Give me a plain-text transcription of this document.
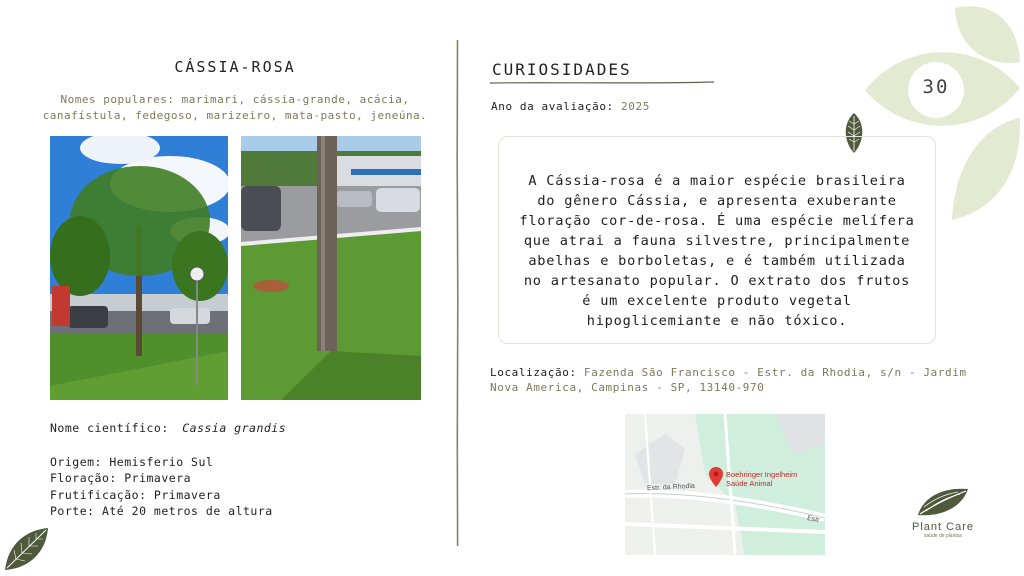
30
CÁSSIA-ROSA
Nomes populares: marimari, cássia-grande, acácia, canafístula, fedegoso, marizeiro, mata-pasto, jeneúna.
Nome científico: Cassia grandis
Origem: Hemisferio Sul
Floração: Primavera
Frutificação: Primavera
Porte: Até 20 metros de altura
CURIOSIDADES
Ano da avaliação: 2025
A Cássia-rosa é a maior espécie brasileira do gênero Cássia, e apresenta exuberante floração cor-de-rosa. É uma espécie melífera que atrai a fauna silvestre, principalmente abelhas e borboletas, e é também utilizada no artesanato popular. O extrato dos frutos é um excelente produto vegetal hipoglicemiante e não tóxico.
Localização: Fazenda São Francisco - Estr. da Rhodia, s/n - Jardim Nova America, Campinas - SP, 13140-970
Estr. da Rhodia
Estr
Boehringer Ingelheim
Saúde Animal
Plant Care
saúde de plantas
